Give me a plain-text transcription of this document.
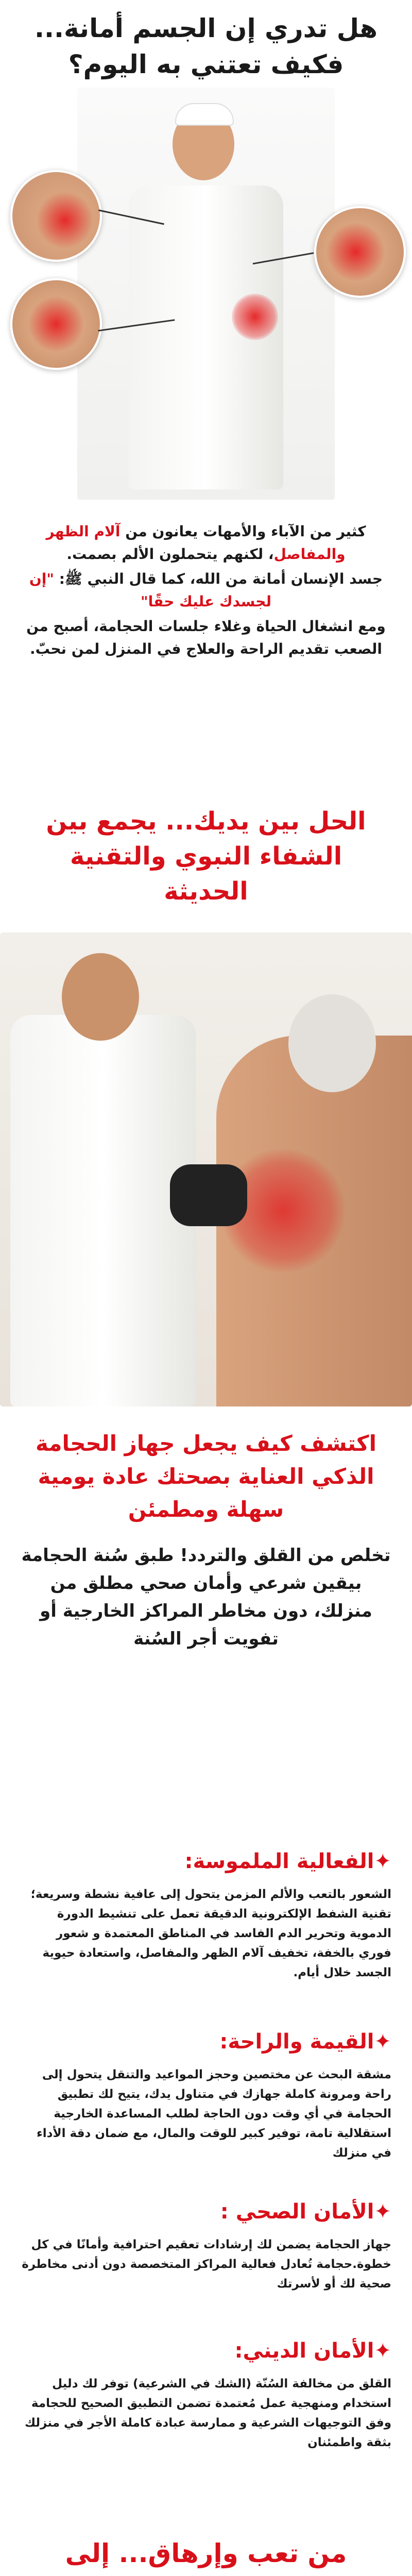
هل تدري إن الجسم أمانة...
فكيف تعتني به اليوم؟
كثير من الآباء والأمهات يعانون من آلام الظهر والمفاصل، لكنهم يتحملون الألم بصمت.
جسد الإنسان أمانة من الله، كما قال النبي ﷺ: "إن لجسدك عليك حقًا"
ومع انشغال الحياة وغلاء جلسات الحجامة، أصبح من الصعب تقديم الراحة والعلاج في المنزل لمن نحبّ.
الحل بين يديك... يجمع بين
الشفاء النبوي والتقنية
الحديثة
اكتشف كيف يجعل جهاز الحجامة الذكي العناية بصحتك عادة يومية سهلة ومطمئن
تخلص من القلق والتردد! طبق سُنة الحجامة بيقين شرعي وأمان صحي مطلق من منزلك، دون مخاطر المراكز الخارجية أو تفويت أجر السُنة
✦الفعالية الملموسة:
الشعور بالتعب والألم المزمن يتحول إلى عافية نشطة وسريعة؛ تقنية الشفط الإلكترونية الدقيقة تعمل على تنشيط الدورة الدموية وتحرير الدم الفاسد في المناطق المعتمدة و شعور فوري بالخفة، تخفيف آلام الظهر والمفاصل، واستعادة حيوية الجسد خلال أيام.
✦القيمة والراحة:
مشقة البحث عن مختصين وحجز المواعيد والتنقل يتحول إلى راحة ومرونة كاملة جهازك في متناول يدك، يتيح لك تطبيق الحجامة في أي وقت دون الحاجة لطلب المساعدة الخارجية استقلالية تامة، توفير كبير للوقت والمال، مع ضمان دقة الأداء في منزلك
✦الأمان الصحي :
جهاز الحجامة يضمن لك إرشادات تعقيم احترافية وأمانًا في كل خطوة.حجامة تُعادل فعالية المراكز المتخصصة دون أدنى مخاطرة صحية لك أو لأسرتك
✦الأمان الديني:
القلق من مخالفة السُنّة (الشك في الشرعية) توفر لك دليل استخدام ومنهجية عمل مُعتمدة تضمن التطبيق الصحيح للحجامة وفق التوجيهات الشرعية و ممارسة عبادة كاملة الأجر في منزلك بثقة واطمئنان
من تعب وإرهاق... إلى
